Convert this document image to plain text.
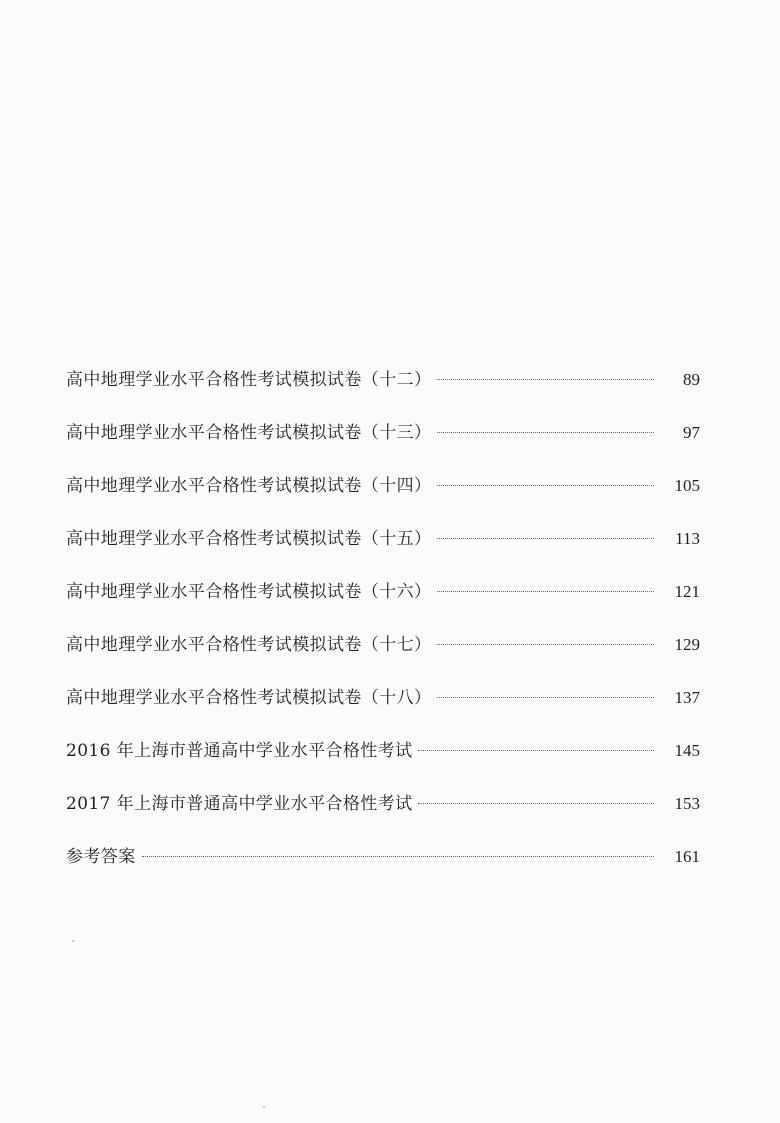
高中地理学业水平合格性考试模拟试卷（十二）	89
高中地理学业水平合格性考试模拟试卷（十三）	97
高中地理学业水平合格性考试模拟试卷（十四）	105
高中地理学业水平合格性考试模拟试卷（十五）	113
高中地理学业水平合格性考试模拟试卷（十六）	121
高中地理学业水平合格性考试模拟试卷（十七）	129
高中地理学业水平合格性考试模拟试卷（十八）	137
2016 年上海市普通高中学业水平合格性考试	145
2017 年上海市普通高中学业水平合格性考试	153
参考答案	161
